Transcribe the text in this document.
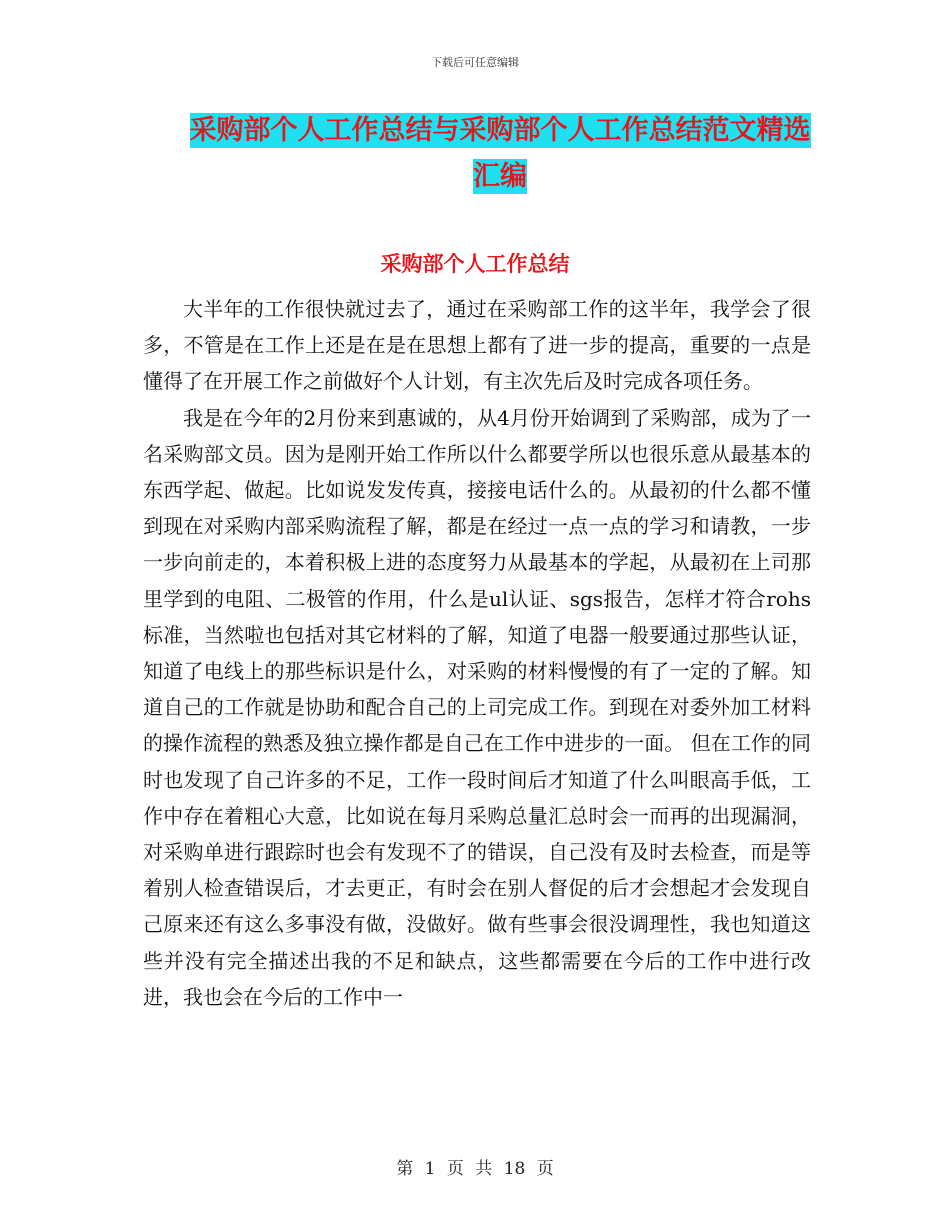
下载后可任意编辑
采购部个人工作总结与采购部个人工作总结范文精选
汇编
采购部个人工作总结

大半年的工作很快就过去了，通过在采购部工作的这半年，我学会了很多，不管是在工作上还是在是在思想上都有了进一步的提高，重要的一点是懂得了在开展工作之前做好个人计划，有主次先后及时完成各项任务。

我是在今年的2月份来到惠诚的，从4月份开始调到了采购部，成为了一名采购部文员。因为是刚开始工作所以什么都要学所以也很乐意从最基本的东西学起、做起。比如说发发传真，接接电话什么的。从最初的什么都不懂到现在对采购内部采购流程了解，都是在经过一点一点的学习和请教，一步一步向前走的，本着积极上进的态度努力从最基本的学起，从最初在上司那里学到的电阻、二极管的作用，什么是ul认证、sgs报告，怎样才符合rohs标准，当然啦也包括对其它材料的了解，知道了电器一般要通过那些认证，知道了电线上的那些标识是什么，对采购的材料慢慢的有了一定的了解。知道自己的工作就是协助和配合自己的上司完成工作。到现在对委外加工材料的操作流程的熟悉及独立操作都是自己在工作中进步的一面。 但在工作的同时也发现了自己许多的不足，工作一段时间后才知道了什么叫眼高手低，工作中存在着粗心大意，比如说在每月采购总量汇总时会一而再的出现漏洞，对采购单进行跟踪时也会有发现不了的错误，自己没有及时去检查，而是等着别人检查错误后，才去更正，有时会在别人督促的后才会想起才会发现自己原来还有这么多事没有做，没做好。做有些事会很没调理性，我也知道这些并没有完全描述出我的不足和缺点，这些都需要在今后的工作中进行改进，我也会在今后的工作中一

第 1 页 共 18 页
